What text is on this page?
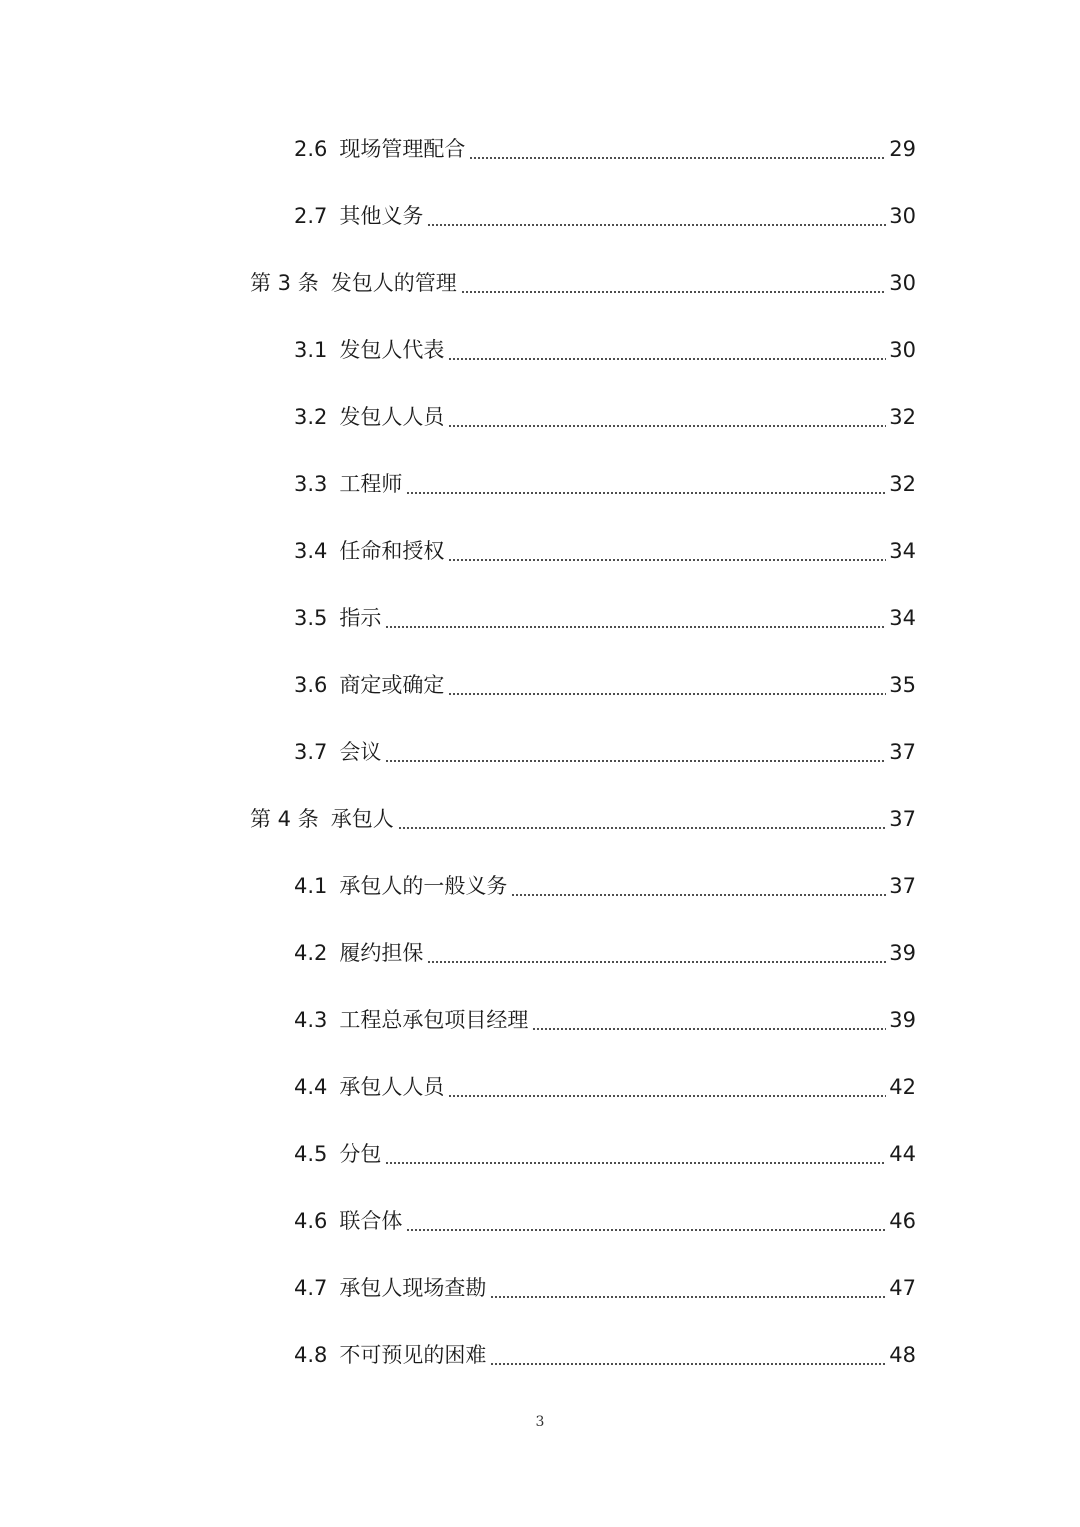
2.6 现场管理配合	29
2.7 其他义务	30
第 3 条 发包人的管理	30
3.1 发包人代表	30
3.2 发包人人员	32
3.3 工程师	32
3.4 任命和授权	34
3.5 指示	34
3.6 商定或确定	35
3.7 会议	37
第 4 条 承包人	37
4.1 承包人的一般义务	37
4.2 履约担保	39
4.3 工程总承包项目经理	39
4.4 承包人人员	42
4.5 分包	44
4.6 联合体	46
4.7 承包人现场查勘	47
4.8 不可预见的困难	48
3
